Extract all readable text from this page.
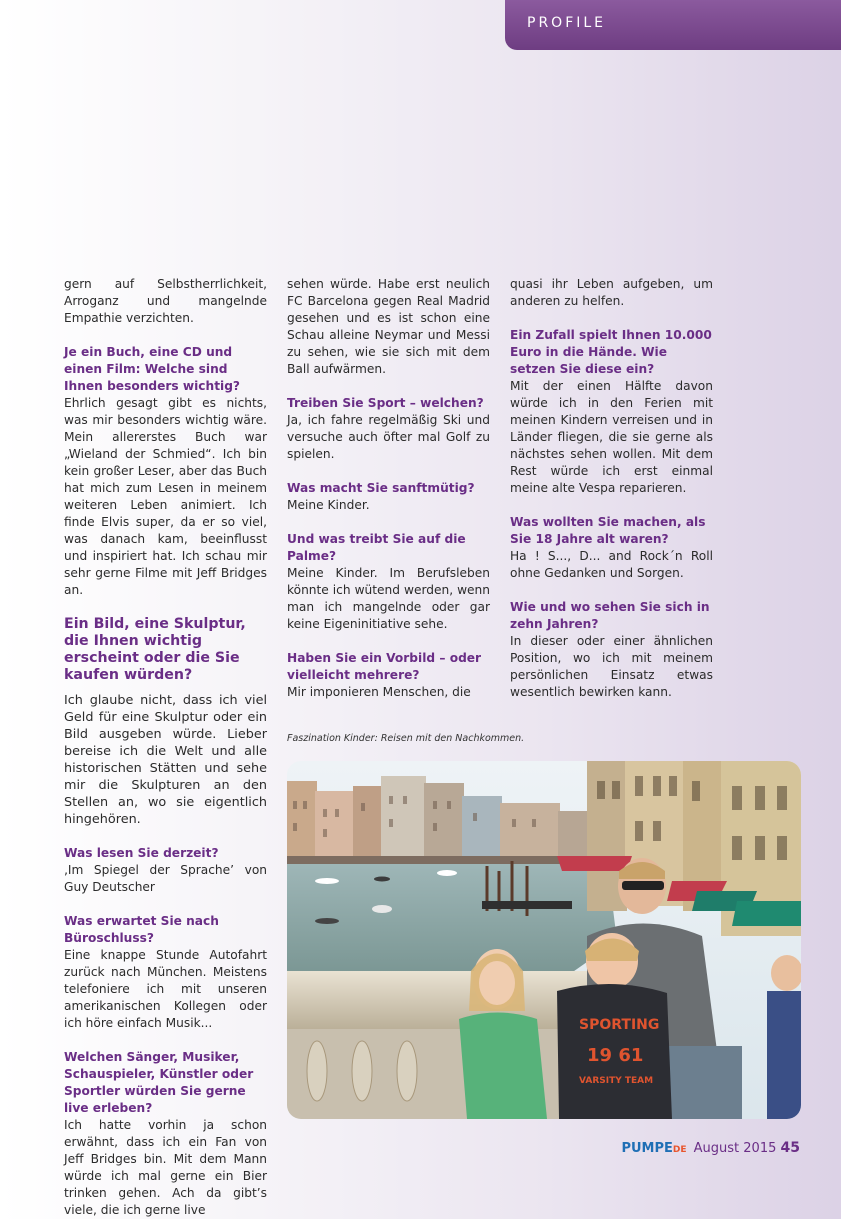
PROFILE

gern auf Selbstherrlichkeit, Arroganz und mangelnde Empathie verzichten.

Je ein Buch, eine CD und einen Film: Welche sind Ihnen besonders wichtig?

Ehrlich gesagt gibt es nichts, was mir besonders wichtig wäre. Mein allererstes Buch war „Wieland der Schmied“. Ich bin kein großer Leser, aber das Buch hat mich zum Lesen in meinem weiteren Leben animiert. Ich finde Elvis super, da er so viel, was danach kam, beeinflusst und inspiriert hat. Ich schau mir sehr gerne Filme mit Jeff Bridges an.

Ein Bild, eine Skulptur, die Ihnen wichtig erscheint oder die Sie kaufen würden?

Ich glaube nicht, dass ich viel Geld für eine Skulptur oder ein Bild ausgeben würde. Lieber bereise ich die Welt und alle historischen Stätten und sehe mir die Skulpturen an den Stellen an, wo sie eigentlich hingehören.

Was lesen Sie derzeit?

‚Im Spiegel der Sprache’ von Guy Deutscher

Was erwartet Sie nach Büroschluss?

Eine knappe Stunde Autofahrt zurück nach München. Meistens telefoniere ich mit unseren amerikanischen Kollegen oder ich höre einfach Musik...

Welchen Sänger, Musiker, Schauspieler, Künstler oder Sportler würden Sie gerne live erleben?

Ich hatte vorhin ja schon erwähnt, dass ich ein Fan von Jeff Bridges bin. Mit dem Mann würde ich mal gerne ein Bier trinken gehen. Ach da gibt’s viele, die ich gerne live

sehen würde. Habe erst neulich FC Barcelona gegen Real Madrid gesehen und es ist schon eine Schau alleine Neymar und Messi zu sehen, wie sie sich mit dem Ball aufwärmen.

Treiben Sie Sport – welchen?

Ja, ich fahre regelmäßig Ski und versuche auch öfter mal Golf zu spielen.

Was macht Sie sanftmütig?

Meine Kinder.

Und was treibt Sie auf die Palme?

Meine Kinder. Im Berufsleben könnte ich wütend werden, wenn man ich mangelnde oder gar keine Eigeninitiative sehe.

Haben Sie ein Vorbild – oder vielleicht mehrere?

Mir imponieren Menschen, die

quasi ihr Leben aufgeben, um anderen zu helfen.

Ein Zufall spielt Ihnen 10.000 Euro in die Hände. Wie setzen Sie diese ein?

Mit der einen Hälfte davon würde ich in den Ferien mit meinen Kindern verreisen und in Länder fliegen, die sie gerne als nächstes sehen wollen. Mit dem Rest würde ich erst einmal meine alte Vespa reparieren.

Was wollten Sie machen, als Sie 18 Jahre alt waren?

Ha ! S..., D... and Rock´n Roll ohne Gedanken und Sorgen.

Wie und wo sehen Sie sich in zehn Jahren?

In dieser oder einer ähnlichen Position, wo ich mit meinem persönlichen Einsatz etwas wesentlich bewirken kann.

Faszination Kinder: Reisen mit den Nachkommen.
SPORTING
19 61
VARSITY TEAM
PUMPEDE August 2015 45
